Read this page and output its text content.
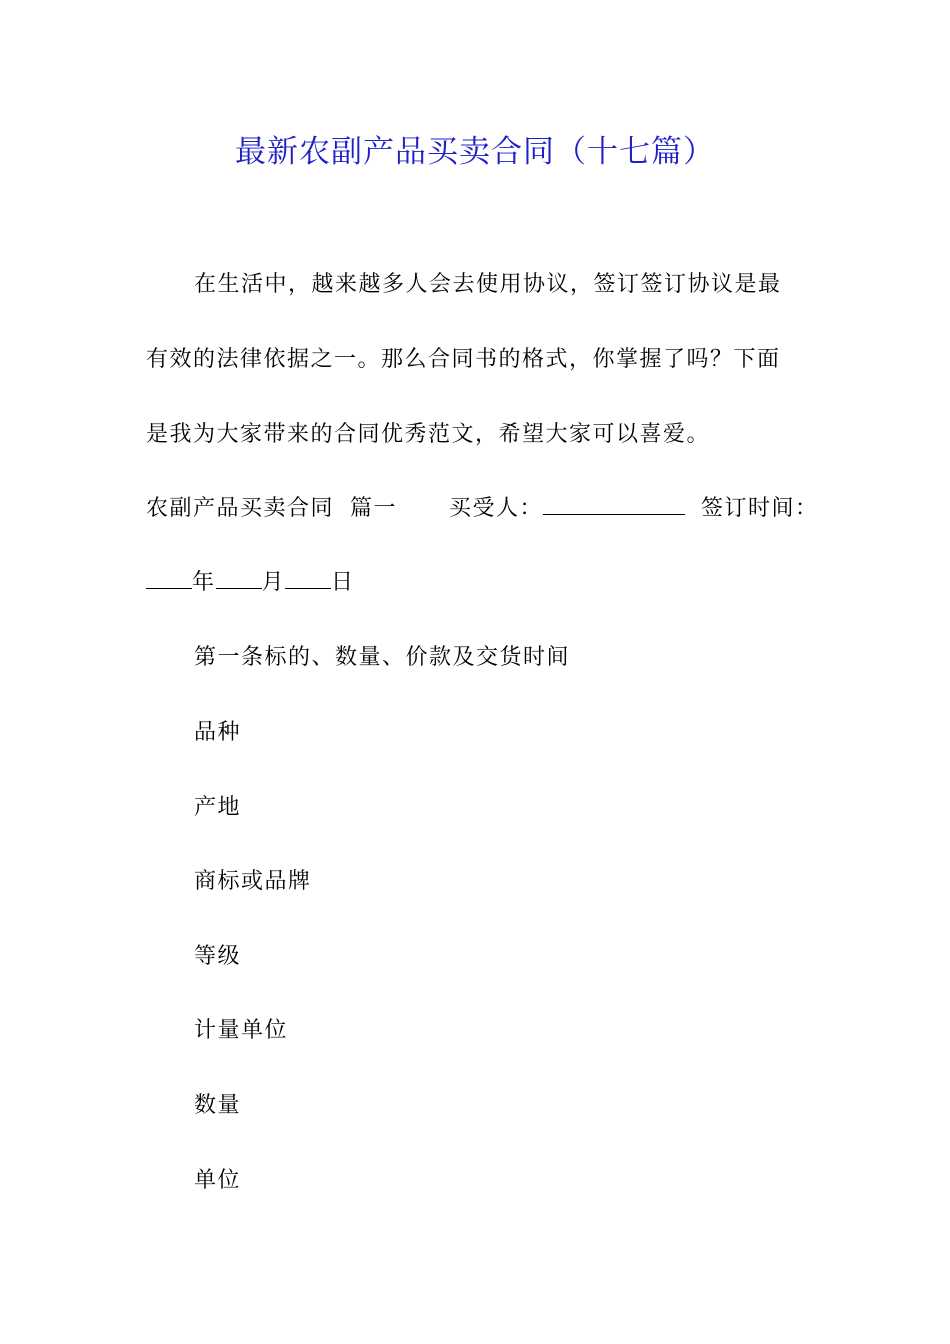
最新农副产品买卖合同（十七篇）
在生活中，越来越多人会去使用协议，签订签订协议是最
有效的法律依据之一。那么合同书的格式，你掌握了吗？下面
是我为大家带来的合同优秀范文，希望大家可以喜爱。
农副产品买卖合同 篇一 买受人：	签订时间：
年 月 日
第一条标的、数量、价款及交货时间
品种
产地
商标或品牌
等级
计量单位
数量
单位
